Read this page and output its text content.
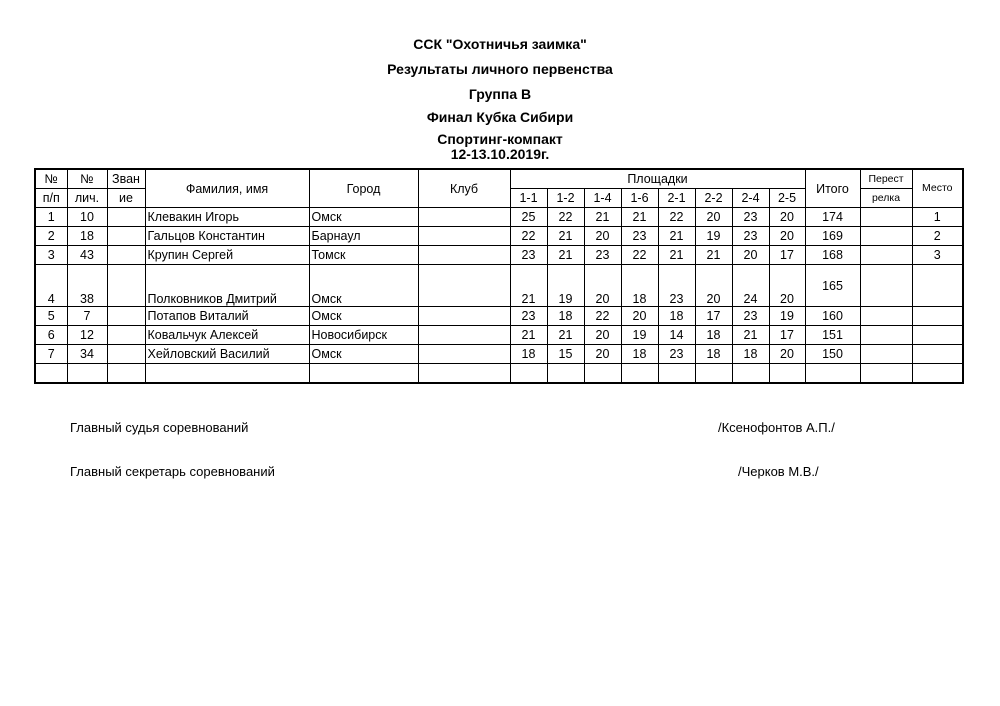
ССК "Охотничья заимка"
Результаты личного первенства
Группа В
Финал Кубка Сибири
Спортинг-компакт
12-13.10.2019г.
№	№	Зван	Фамилия, имя	Город	Клуб	Площадки								Итого	Перест	Место
п/п	лич.	ие				1-1	1-2	1-4	1-6	2-1	2-2	2-4	2-5		релка	
1	10		Клевакин Игорь	Омск		25	22	21	21	22	20	23	20	174		1
2	18		Гальцов Константин	Барнаул		22	21	20	23	21	19	23	20	169		2
3	43		Крупин Сергей	Томск		23	21	23	22	21	21	20	17	168		3
4	38		Полковников Дмитрий	Омск		21	19	20	18	23	20	24	20	165		
5	7		Потапов Виталий	Омск		23	18	22	20	18	17	23	19	160		
6	12		Ковальчук Алексей	Новосибирск		21	21	20	19	14	18	21	17	151		
7	34		Хейловский Василий	Омск		18	15	20	18	23	18	18	20	150		

Главный судья соревнований	/Ксенофонтов А.П./
Главный секретарь соревнований	/Черков М.В./
